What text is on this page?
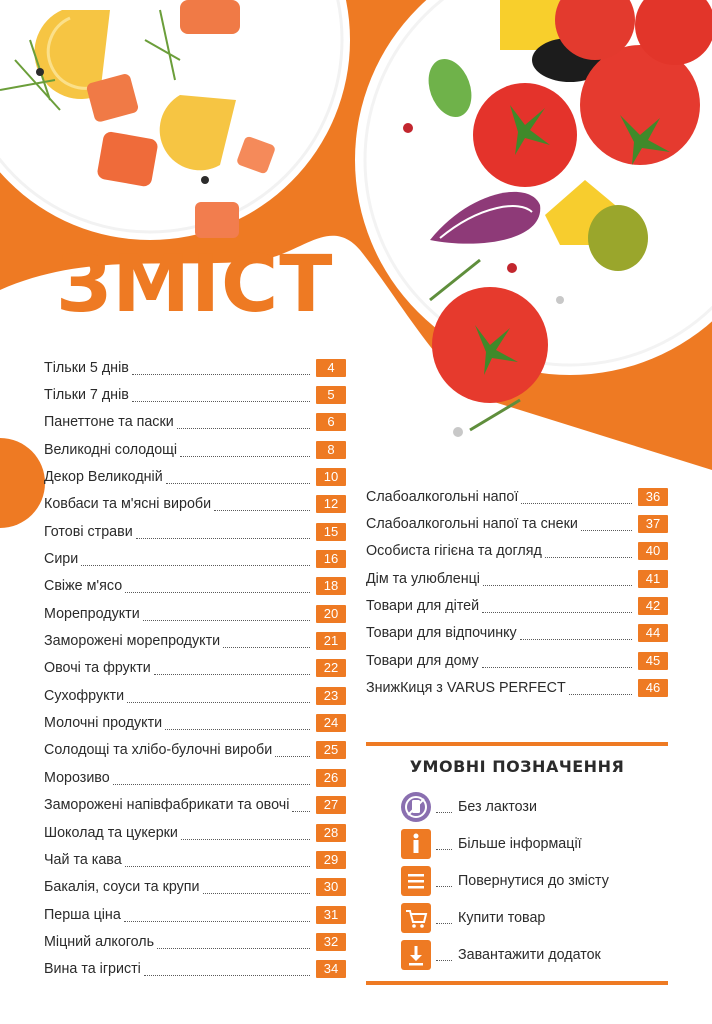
ЗМІСТ
Тільки 5 днів	4
Тільки 7 днів	5
Панеттоне та паски	6
Великодні солодощі	8
Декор Великодній	10
Ковбаси та м'ясні вироби	12
Готові страви	15
Сири	16
Свіже м'ясо	18
Морепродукти	20
Заморожені морепродукти	21
Овочі та фрукти	22
Сухофрукти	23
Молочні продукти	24
Солодощі та хлібо-булочні вироби	25
Морозиво	26
Заморожені напівфабрикати та овочі	27
Шоколад та цукерки	28
Чай та кава	29
Бакалія, соуси та крупи	30
Перша ціна	31
Міцний алкоголь	32
Вина та ігристі	34
Слабоалкогольні напої	36
Слабоалкогольні напої та снеки	37
Особиста гігієна та догляд	40
Дім та улюбленці	41
Товари для дітей	42
Товари для відпочинку	44
Товари для дому	45
ЗнижКиця з VARUS PERFECT	46
УМОВНІ ПОЗНАЧЕННЯ
Без лактози
Більше інформації
Повернутися до змісту
Купити товар
Завантажити додаток
